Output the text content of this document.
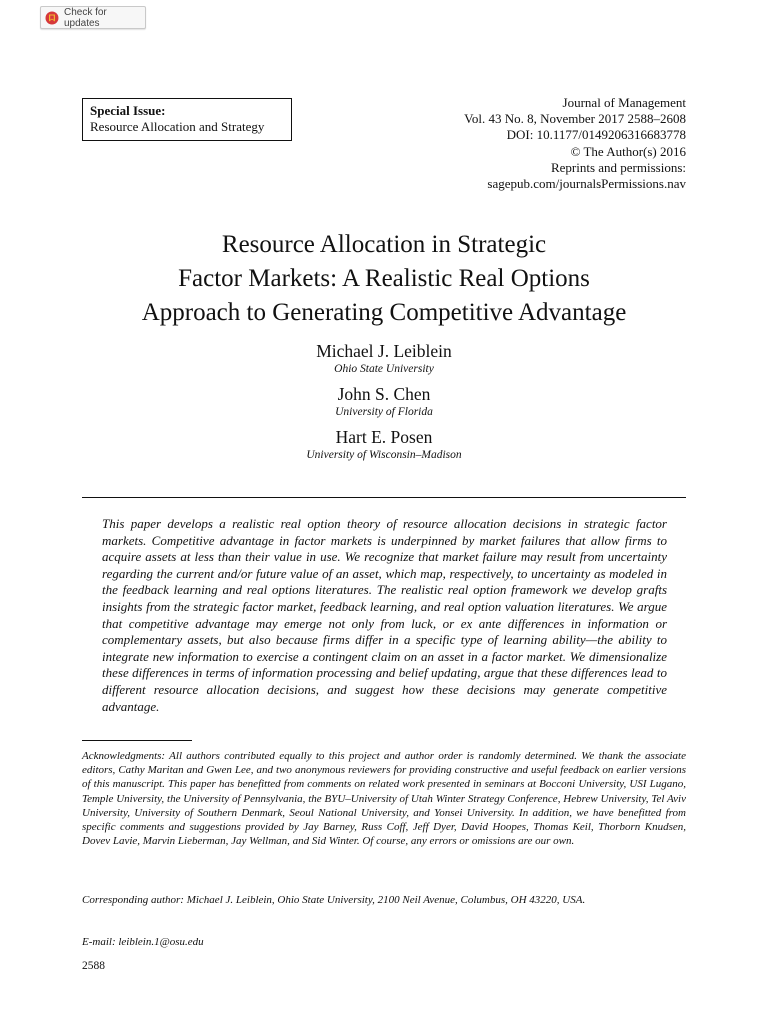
Check for updates
Special Issue:
Resource Allocation and Strategy
Journal of Management
Vol. 43 No. 8, November 2017 2588–2608
DOI: 10.1177/0149206316683778
© The Author(s) 2016
Reprints and permissions:
sagepub.com/journalsPermissions.nav
Resource Allocation in Strategic
Factor Markets: A Realistic Real Options
Approach to Generating Competitive Advantage
Michael J. Leiblein
Ohio State University
John S. Chen
University of Florida
Hart E. Posen
University of Wisconsin–Madison

This paper develops a realistic real option theory of resource allocation decisions in strategic factor markets. Competitive advantage in factor markets is underpinned by market failures that allow firms to acquire assets at less than their value in use. We recognize that market failure may result from uncertainty regarding the current and/or future value of an asset, which map, respectively, to uncertainty as modeled in the feedback learning and real options literatures. The realistic real option framework we develop grafts insights from the strategic factor market, feedback learning, and real option valuation literatures. We argue that competitive advantage may emerge not only from luck, or ex ante differences in information or complementary assets, but also because firms differ in a specific type of learning ability—the ability to integrate new information to exercise a contingent claim on an asset in a factor market. We dimensionalize these differences in terms of information processing and belief updating, argue that these differences lead to different resource allocation decisions, and suggest how these decisions may generate competitive advantage.

Acknowledgments: All authors contributed equally to this project and author order is randomly determined. We thank the associate editors, Cathy Maritan and Gwen Lee, and two anonymous reviewers for providing constructive and useful feedback on earlier versions of this manuscript. This paper has benefitted from comments on related work presented in seminars at Bocconi University, USI Lugano, Temple University, the University of Pennsylvania, the BYU–University of Utah Winter Strategy Conference, Hebrew University, Tel Aviv University, University of Southern Denmark, Seoul National University, and Yonsei University. In addition, we have benefitted from specific comments and suggestions provided by Jay Barney, Russ Coff, Jeff Dyer, David Hoopes, Thomas Keil, Thorborn Knudsen, Dovev Lavie, Marvin Lieberman, Jay Wellman, and Sid Winter. Of course, any errors or omissions are our own.

Corresponding author: Michael J. Leiblein, Ohio State University, 2100 Neil Avenue, Columbus, OH 43220, USA.

E-mail: leiblein.1@osu.edu

2588
